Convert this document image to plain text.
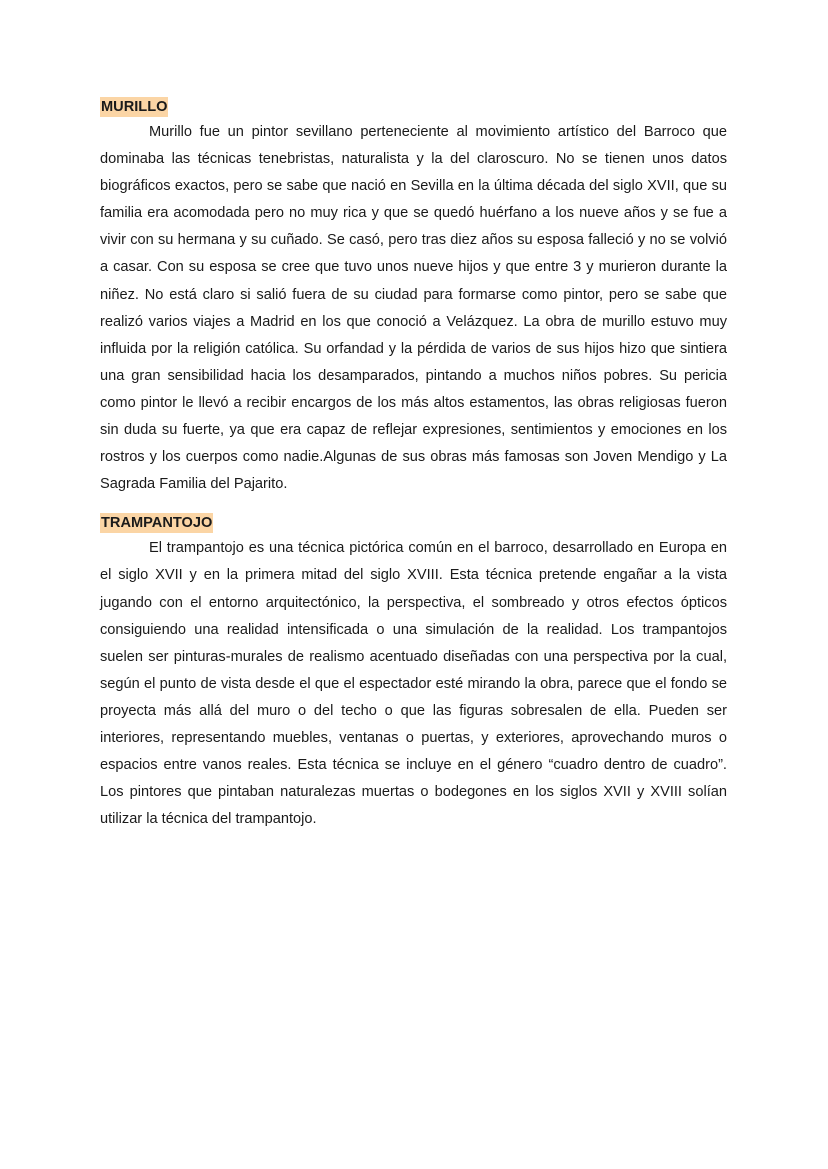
MURILLO

Murillo fue un pintor sevillano perteneciente al movimiento artístico del Barroco que dominaba las técnicas tenebristas, naturalista y la del claroscuro. No se tienen unos datos biográficos exactos, pero se sabe que nació en Sevilla en la última década del siglo XVII, que su familia era acomodada pero no muy rica y que se quedó huérfano a los nueve años y se fue a vivir con su hermana y su cuñado. Se casó, pero tras diez años su esposa falleció y no se volvió a casar. Con su esposa se cree que tuvo unos nueve hijos y que entre 3 y murieron durante la niñez. No está claro si salió fuera de su ciudad para formarse como pintor, pero se sabe que realizó varios viajes a Madrid en los que conoció a Velázquez. La obra de murillo estuvo muy influida por la religión católica. Su orfandad y la pérdida de varios de sus hijos hizo que sintiera una gran sensibilidad hacia los desamparados, pintando a muchos niños pobres. Su pericia como pintor le llevó a recibir encargos de los más altos estamentos, las obras religiosas fueron sin duda su fuerte, ya que era capaz de reflejar expresiones, sentimientos y emociones en los rostros y los cuerpos como nadie.Algunas de sus obras más famosas son Joven Mendigo y La Sagrada Familia del Pajarito.

TRAMPANTOJO

El trampantojo es una técnica pictórica común en el barroco, desarrollado en Europa en el siglo XVII y en la primera mitad del siglo XVIII. Esta técnica pretende engañar a la vista jugando con el entorno arquitectónico, la perspectiva, el sombreado y otros efectos ópticos consiguiendo una realidad intensificada o una simulación de la realidad. Los trampantojos suelen ser pinturas-murales de realismo acentuado diseñadas con una perspectiva por la cual, según el punto de vista desde el que el espectador esté mirando la obra, parece que el fondo se proyecta más allá del muro o del techo o que las figuras sobresalen de ella. Pueden ser interiores, representando muebles, ventanas o puertas, y exteriores, aprovechando muros o espacios entre vanos reales. Esta técnica se incluye en el género “cuadro dentro de cuadro”. Los pintores que pintaban naturalezas muertas o bodegones en los siglos XVII y XVIII solían utilizar la técnica del trampantojo.
